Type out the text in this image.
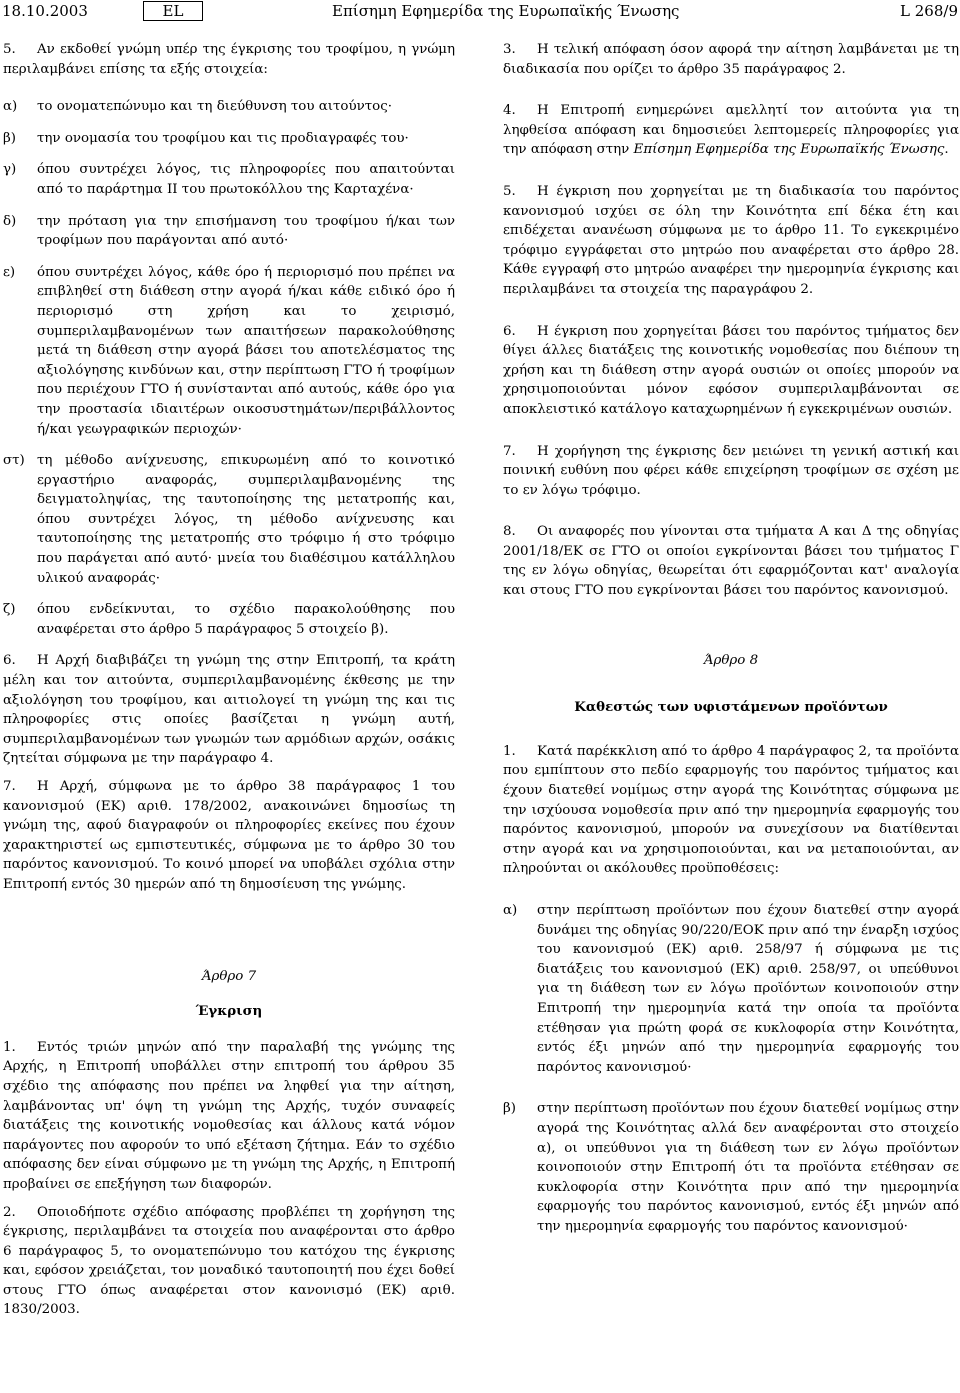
18.10.2003	EL	Επίσημη Εφημερίδα της Ευρωπαϊκής Ένωσης	L 268/9

5. Αν εκδοθεί γνώμη υπέρ της έγκρισης του τροφίμου, η γνώμη περιλαμβάνει επίσης τα εξής στοιχεία:

α)	το ονοματεπώνυμο και τη διεύθυνση του αιτούντος·
β)	την ονομασία του τροφίμου και τις προδιαγραφές του·
γ)	όπου συντρέχει λόγος, τις πληροφορίες που απαιτούνται από το παράρτημα II του πρωτοκόλλου της Καρταχένα·
δ)	την πρόταση για την επισήμανση του τροφίμου ή/και των τροφίμων που παράγονται από αυτό·
ε)	όπου συντρέχει λόγος, κάθε όρο ή περιορισμό που πρέπει να επιβληθεί στη διάθεση στην αγορά ή/και κάθε ειδικό όρο ή περιορισμό στη χρήση και το χειρισμό, συμπεριλαμβανομένων των απαιτήσεων παρακολούθησης μετά τη διάθεση στην αγορά βάσει του αποτελέσματος της αξιολόγησης κινδύνων και, στην περίπτωση ΓΤΟ ή τροφίμων που περιέχουν ΓΤΟ ή συνίστανται από αυτούς, κάθε όρο για την προστασία ιδιαιτέρων οικοσυστημάτων/περιβάλλοντος ή/και γεωγραφικών περιοχών·
στ) τη μέθοδο ανίχνευσης, επικυρωμένη από το κοινοτικό εργαστήριο αναφοράς, συμπεριλαμβανομένης της δειγματοληψίας, της ταυτοποίησης της μετατροπής και, όπου συντρέχει λόγος, τη μέθοδο ανίχνευσης και ταυτοποίησης της μετατροπής στο τρόφιμο ή στο τρόφιμο που παράγεται από αυτό· μνεία του διαθέσιμου κατάλληλου υλικού αναφοράς·
ζ)	όπου ενδείκνυται, το σχέδιο παρακολούθησης που αναφέρεται στο άρθρο 5 παράγραφος 5 στοιχείο β).

6. Η Αρχή διαβιβάζει τη γνώμη της στην Επιτροπή, τα κράτη μέλη και τον αιτούντα, συμπεριλαμβανομένης έκθεσης με την αξιολόγηση του τροφίμου, και αιτιολογεί τη γνώμη της και τις πληροφορίες στις οποίες βασίζεται η γνώμη αυτή, συμπεριλαμβανομένων των γνωμών των αρμόδιων αρχών, οσάκις ζητείται σύμφωνα με την παράγραφο 4.

7. Η Αρχή, σύμφωνα με το άρθρο 38 παράγραφος 1 του κανονισμού (ΕΚ) αριθ. 178/2002, ανακοινώνει δημοσίως τη γνώμη της, αφού διαγραφούν οι πληροφορίες εκείνες που έχουν χαρακτηριστεί ως εμπιστευτικές, σύμφωνα με το άρθρο 30 του παρόντος κανονισμού. Το κοινό μπορεί να υποβάλει σχόλια στην Επιτροπή εντός 30 ημερών από τη δημοσίευση της γνώμης.

Άρθρο 7

Έγκριση

1. Εντός τριών μηνών από την παραλαβή της γνώμης της Αρχής, η Επιτροπή υποβάλλει στην επιτροπή του άρθρου 35 σχέδιο της απόφασης που πρέπει να ληφθεί για την αίτηση, λαμβάνοντας υπ' όψη τη γνώμη της Αρχής, τυχόν συναφείς διατάξεις της κοινοτικής νομοθεσίας και άλλους κατά νόμον παράγοντες που αφορούν το υπό εξέταση ζήτημα. Εάν το σχέδιο απόφασης δεν είναι σύμφωνο με τη γνώμη της Αρχής, η Επιτροπή προβαίνει σε επεξήγηση των διαφορών.

2. Οποιοδήποτε σχέδιο απόφασης προβλέπει τη χορήγηση της έγκρισης, περιλαμβάνει τα στοιχεία που αναφέρονται στο άρθρο 6 παράγραφος 5, το ονοματεπώνυμο του κατόχου της έγκρισης και, εφόσον χρειάζεται, τον μοναδικό ταυτοποιητή που έχει δοθεί στους ΓΤΟ όπως αναφέρεται στον κανονισμό (ΕΚ) αριθ. 1830/2003.

3. Η τελική απόφαση όσον αφορά την αίτηση λαμβάνεται με τη διαδικασία που ορίζει το άρθρο 35 παράγραφος 2.

4. Η Επιτροπή ενημερώνει αμελλητί τον αιτούντα για τη ληφθείσα απόφαση και δημοσιεύει λεπτομερείς πληροφορίες για την απόφαση στην Επίσημη Εφημερίδα της Ευρωπαϊκής Ένωσης.

5. Η έγκριση που χορηγείται με τη διαδικασία του παρόντος κανονισμού ισχύει σε όλη την Κοινότητα επί δέκα έτη και επιδέχεται ανανέωση σύμφωνα με το άρθρο 11. Το εγκεκριμένο τρόφιμο εγγράφεται στο μητρώο που αναφέρεται στο άρθρο 28. Κάθε εγγραφή στο μητρώο αναφέρει την ημερομηνία έγκρισης και περιλαμβάνει τα στοιχεία της παραγράφου 2.

6. Η έγκριση που χορηγείται βάσει του παρόντος τμήματος δεν θίγει άλλες διατάξεις της κοινοτικής νομοθεσίας που διέπουν τη χρήση και τη διάθεση στην αγορά ουσιών οι οποίες μπορούν να χρησιμοποιούνται μόνον εφόσον συμπεριλαμβάνονται σε αποκλειστικό κατάλογο καταχωρημένων ή εγκεκριμένων ουσιών.

7. Η χορήγηση της έγκρισης δεν μειώνει τη γενική αστική και ποινική ευθύνη που φέρει κάθε επιχείρηση τροφίμων σε σχέση με το εν λόγω τρόφιμο.

8. Οι αναφορές που γίνονται στα τμήματα Α και Δ της οδηγίας 2001/18/ΕΚ σε ΓΤΟ οι οποίοι εγκρίνονται βάσει του τμήματος Γ της εν λόγω οδηγίας, θεωρείται ότι εφαρμόζονται κατ' αναλογία και στους ΓΤΟ που εγκρίνονται βάσει του παρόντος κανονισμού.

Άρθρο 8

Καθεστώς των υφιστάμενων προϊόντων

1. Κατά παρέκκλιση από το άρθρο 4 παράγραφος 2, τα προϊόντα που εμπίπτουν στο πεδίο εφαρμογής του παρόντος τμήματος και έχουν διατεθεί νομίμως στην αγορά της Κοινότητας σύμφωνα με την ισχύουσα νομοθεσία πριν από την ημερομηνία εφαρμογής του παρόντος κανονισμού, μπορούν να συνεχίσουν να διατίθενται στην αγορά και να χρησιμοποιούνται, και να μεταποιούνται, αν πληρούνται οι ακόλουθες προϋποθέσεις:

α)	στην περίπτωση προϊόντων που έχουν διατεθεί στην αγορά δυνάμει της οδηγίας 90/220/ΕΟΚ πριν από την έναρξη ισχύος του κανονισμού (ΕΚ) αριθ. 258/97 ή σύμφωνα με τις διατάξεις του κανονισμού (ΕΚ) αριθ. 258/97, οι υπεύθυνοι για τη διάθεση των εν λόγω προϊόντων κοινοποιούν στην Επιτροπή την ημερομηνία κατά την οποία τα προϊόντα ετέθησαν για πρώτη φορά σε κυκλοφορία στην Κοινότητα, εντός έξι μηνών από την ημερομηνία εφαρμογής του παρόντος κανονισμού·
β)	στην περίπτωση προϊόντων που έχουν διατεθεί νομίμως στην αγορά της Κοινότητας αλλά δεν αναφέρονται στο στοιχείο α), οι υπεύθυνοι για τη διάθεση των εν λόγω προϊόντων κοινοποιούν στην Επιτροπή ότι τα προϊόντα ετέθησαν σε κυκλοφορία στην Κοινότητα πριν από την ημερομηνία εφαρμογής του παρόντος κανονισμού, εντός έξι μηνών από την ημερομηνία εφαρμογής του παρόντος κανονισμού·
